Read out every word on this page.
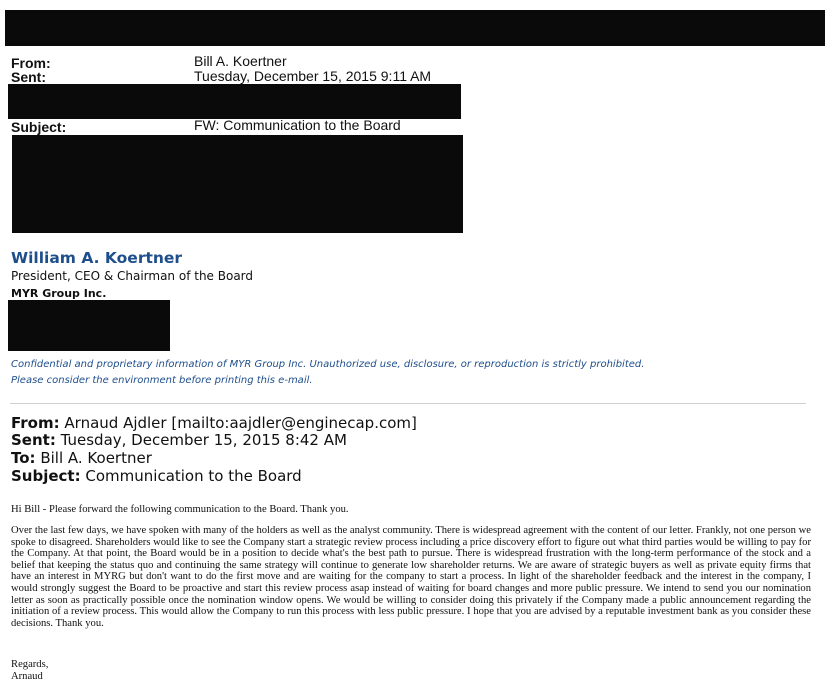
From:	Bill A. Koertner
Sent:	Tuesday, December 15, 2015 9:11 AM
Subject:	FW: Communication to the Board
William A. Koertner
President, CEO & Chairman of the Board
MYR Group Inc.
Confidential and proprietary information of MYR Group Inc. Unauthorized use, disclosure, or reproduction is strictly prohibited.
Please consider the environment before printing this e-mail.
From: Arnaud Ajdler [mailto:aajdler@enginecap.com]
Sent: Tuesday, December 15, 2015 8:42 AM
To: Bill A. Koertner
Subject: Communication to the Board
Hi Bill - Please forward the following communication to the Board. Thank you.
Over the last few days, we have spoken with many of the holders as well as the analyst community. There is widespread agreement with the content of our letter. Frankly, not one person we spoke to disagreed. Shareholders would like to see the Company start a strategic review process including a price discovery effort to figure out what third parties would be willing to pay for the Company. At that point, the Board would be in a position to decide what's the best path to pursue. There is widespread frustration with the long-term performance of the stock and a belief that keeping the status quo and continuing the same strategy will continue to generate low shareholder returns. We are aware of strategic buyers as well as private equity firms that have an interest in MYRG but don't want to do the first move and are waiting for the company to start a process. In light of the shareholder feedback and the interest in the company, I would strongly suggest the Board to be proactive and start this review process asap instead of waiting for board changes and more public pressure. We intend to send you our nomination letter as soon as practically possible once the nomination window opens. We would be willing to consider doing this privately if the Company made a public announcement regarding the initiation of a review process. This would allow the Company to run this process with less public pressure. I hope that you are advised by a reputable investment bank as you consider these decisions. Thank you.
Regards,
Arnaud
